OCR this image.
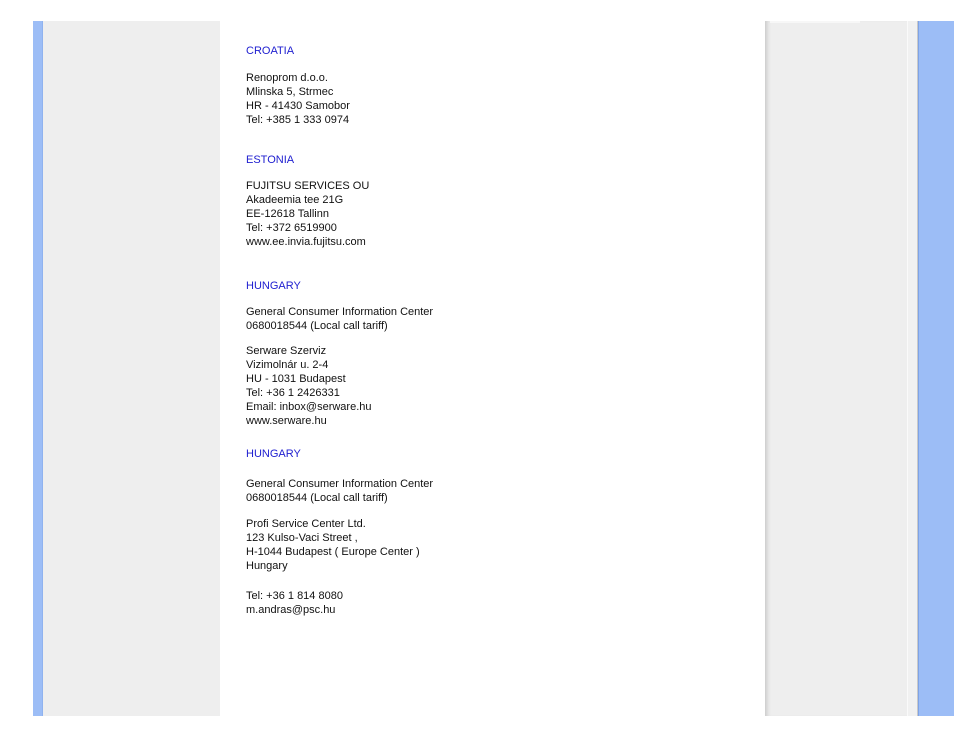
CROATIA
Renoprom d.o.o.
Mlinska 5, Strmec
HR - 41430 Samobor
Tel: +385 1 333 0974
ESTONIA
FUJITSU SERVICES OU
Akadeemia tee 21G
EE-12618 Tallinn
Tel: +372 6519900
www.ee.invia.fujitsu.com
HUNGARY
General Consumer Information Center
0680018544 (Local call tariff)
Serware Szerviz
Vizimolnár u. 2-4
HU - 1031 Budapest
Tel: +36 1 2426331
Email: inbox@serware.hu
www.serware.hu
HUNGARY
General Consumer Information Center
0680018544 (Local call tariff)
Profi Service Center Ltd.
123 Kulso-Vaci Street ,
H-1044 Budapest ( Europe Center )
Hungary
Tel: +36 1 814 8080
m.andras@psc.hu
